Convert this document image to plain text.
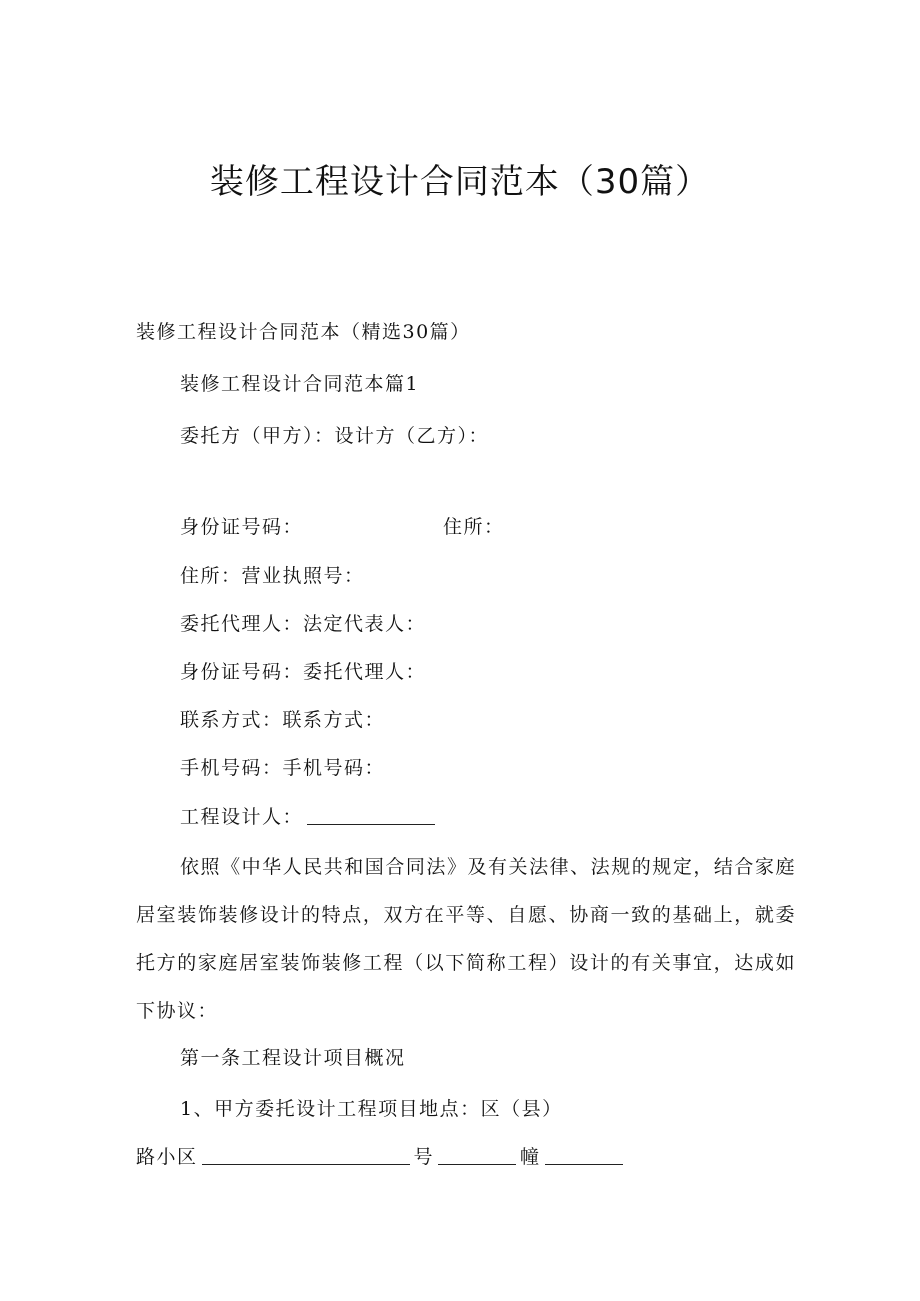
装修工程设计合同范本（30篇）
装修工程设计合同范本（精选30篇）
装修工程设计合同范本篇1
委托方（甲方）：设计方（乙方）：
身份证号码：	住所：
住所：营业执照号：
委托代理人：法定代表人：
身份证号码：委托代理人：
联系方式：联系方式：
手机号码：手机号码：
工程设计人：
依照《中华人民共和国合同法》及有关法律、法规的规定，结合家庭居室装饰装修设计的特点，双方在平等、自愿、协商一致的基础上，就委托方的家庭居室装饰装修工程（以下简称工程）设计的有关事宜，达成如下协议：
第一条工程设计项目概况
1、甲方委托设计工程项目地点：区（县）
路小区	号	幢
